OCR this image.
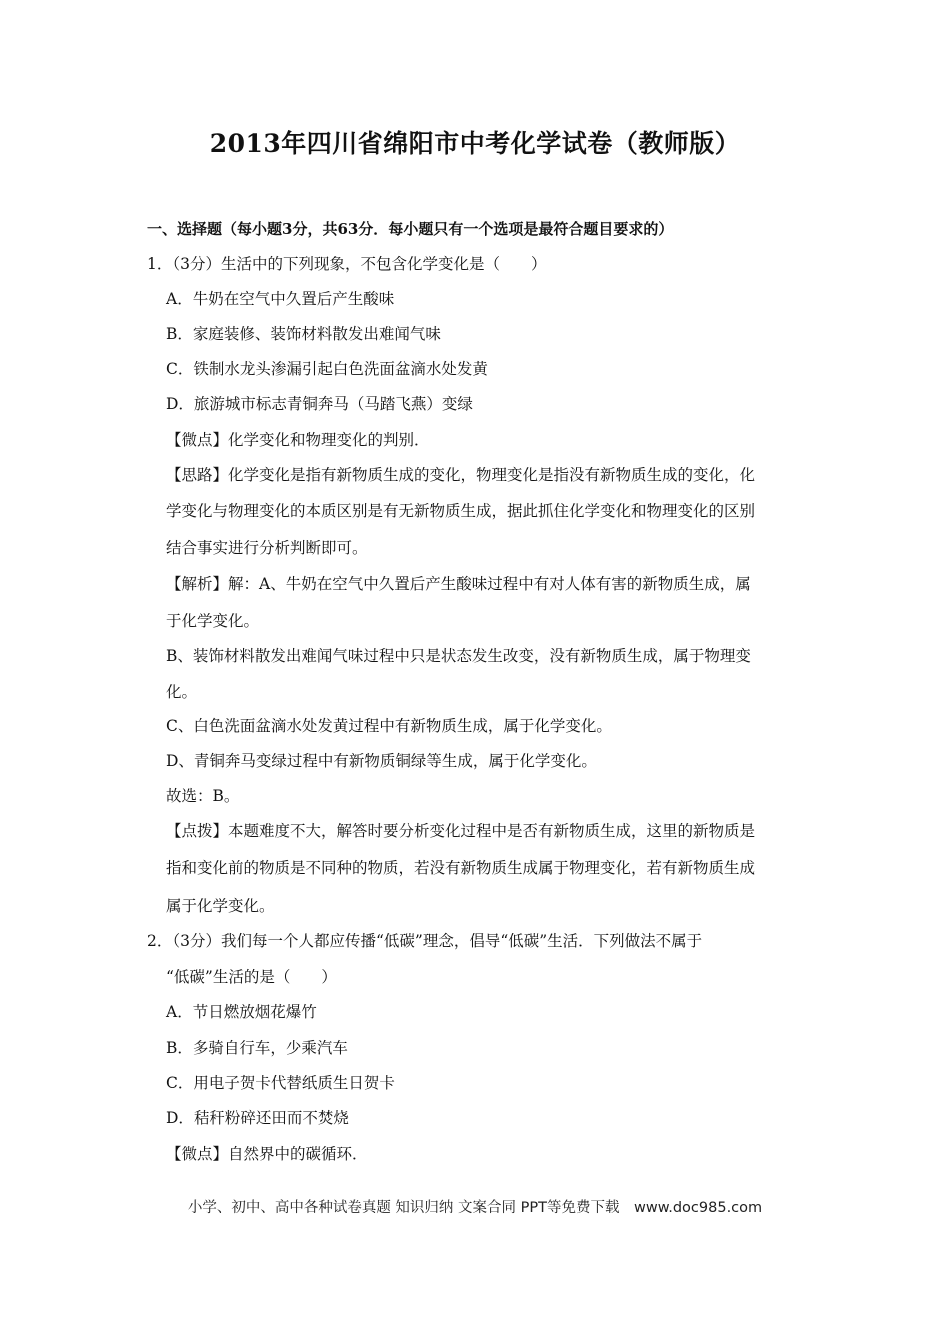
2013年四川省绵阳市中考化学试卷（教师版）
一、选择题（每小题3分，共63分．每小题只有一个选项是最符合题目要求的）
1．（3分）生活中的下列现象，不包含化学变化是（　　）
A．牛奶在空气中久置后产生酸味
B．家庭装修、装饰材料散发出难闻气味
C．铁制水龙头渗漏引起白色洗面盆滴水处发黄
D．旅游城市标志青铜奔马（马踏飞燕）变绿
【微点】化学变化和物理变化的判别．
【思路】化学变化是指有新物质生成的变化，物理变化是指没有新物质生成的变化，化
学变化与物理变化的本质区别是有无新物质生成，据此抓住化学变化和物理变化的区别
结合事实进行分析判断即可。
【解析】解：A、牛奶在空气中久置后产生酸味过程中有对人体有害的新物质生成，属
于化学变化。
B、装饰材料散发出难闻气味过程中只是状态发生改变，没有新物质生成，属于物理变
化。
C、白色洗面盆滴水处发黄过程中有新物质生成，属于化学变化。
D、青铜奔马变绿过程中有新物质铜绿等生成，属于化学变化。
故选：B。
【点拨】本题难度不大，解答时要分析变化过程中是否有新物质生成，这里的新物质是
指和变化前的物质是不同种的物质，若没有新物质生成属于物理变化，若有新物质生成
属于化学变化。
2．（3分）我们每一个人都应传播“低碳”理念，倡导“低碳”生活．下列做法不属于
“低碳”生活的是（　　）
A．节日燃放烟花爆竹
B．多骑自行车，少乘汽车
C．用电子贺卡代替纸质生日贺卡
D．秸秆粉碎还田而不焚烧
【微点】自然界中的碳循环．
小学、初中、高中各种试卷真题 知识归纳 文案合同 PPT等免费下载　www.doc985.com
